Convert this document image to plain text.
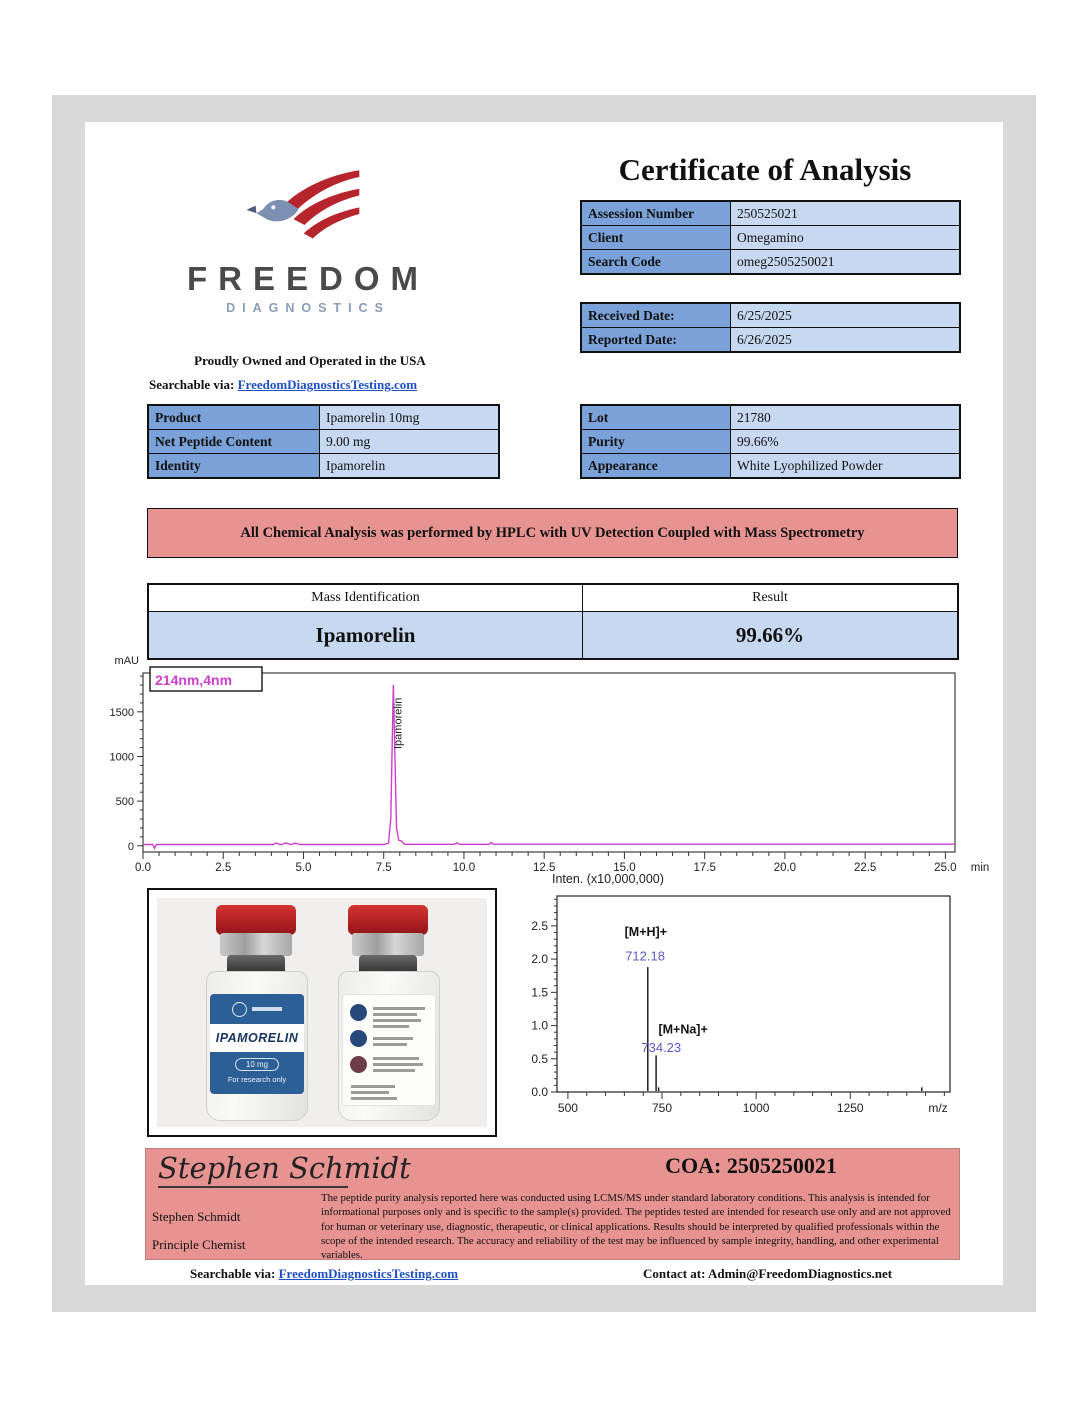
FREEDOM
DIAGNOSTICS
Proudly Owned and Operated in the USA
Searchable via: FreedomDiagnosticsTesting.com
Certificate of Analysis
Assession Number	250525021
Client	Omegamino
Search Code	omeg2505250021
Received Date:	6/25/2025
Reported Date:	6/26/2025
Product	Ipamorelin 10mg
Net Peptide Content	9.00 mg
Identity	Ipamorelin
Lot	21780
Purity	99.66%
Appearance	White Lyophilized Powder
All Chemical Analysis was performed by HPLC with UV Detection Coupled with Mass Spectrometry
Mass Identification	Result
Ipamorelin	99.66%
mAU
0
500
1000
1500
0.0	2.5	5.0	7.5	10.0	12.5	15.0	17.5	20.0	22.5	25.0 min
214nm,4nm
Ipamorelin
IPAMORELIN
10 mg
For research only
Inten. (x10,000,000)
0.0
0.5
1.0
1.5
2.0
2.5
500	750	1000	1250	m/z
[M+H]+
712.18
[M+Na]+
734.23
Stephen Schmidt
Stephen Schmidt
Principle Chemist
COA: 2505250021
The peptide purity analysis reported here was conducted using LCMS/MS under standard laboratory conditions. This analysis is intended for informational purposes only and is specific to the sample(s) provided. The peptides tested are intended for research use only and are not approved for human or veterinary use, diagnostic, therapeutic, or clinical applications. Results should be interpreted by qualified professionals within the scope of the intended research. The accuracy and reliability of the test may be influenced by sample integrity, handling, and other experimental variables.
Searchable via: FreedomDiagnosticsTesting.com	Contact at: Admin@FreedomDiagnostics.net
